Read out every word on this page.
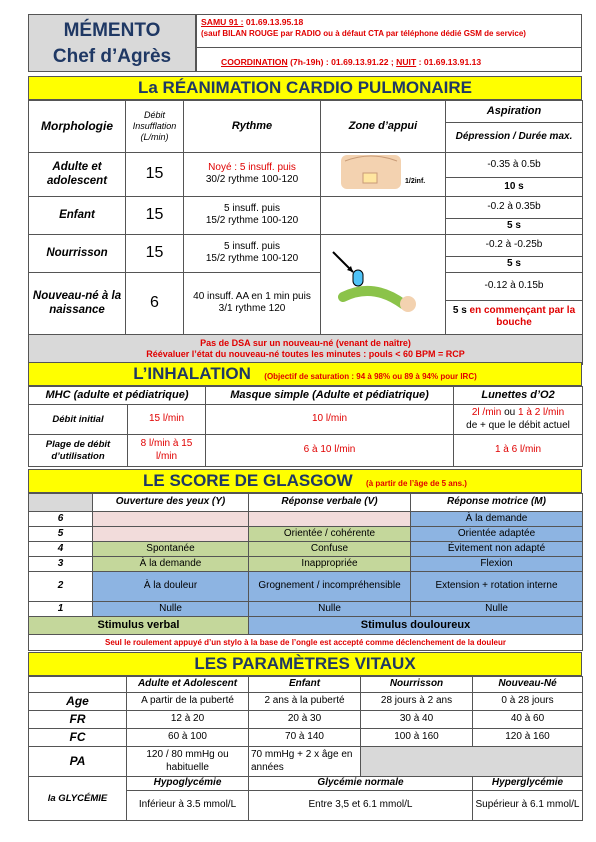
MÉMENTO
Chef d’Agrès
SAMU 91 : 01.69.13.95.18
(sauf BILAN ROUGE par RADIO ou à défaut CTA par téléphone dédié GSM de service)
COORDINATION (7h-19h) : 01.69.13.91.22 ; NUIT : 01.69.13.91.13
La RÉANIMATION CARDIO PULMONAIRE
Morphologie	Débit Insufflation (L/min)	Rythme	Zone d’appui	Aspiration
				Dépression / Durée max.
Adulte et adolescent	15	Noyé : 5 insuff. puis
30/2 rythme 100-120	1/2inf.	-0.35 à 0.5b
				10 s
Enfant	15	5 insuff. puis
15/2 rythme 100-120		-0.2 à 0.35b
				5 s
Nourrisson	15	5 insuff. puis
15/2 rythme 100-120		-0.2 à -0.25b
				5 s
Nouveau-né à la naissance	6	40 insuff. AA en 1 min puis
3/1 rythme 120		-0.12 à 0.15b
				5 s en commençant par la bouche

Pas de DSA sur un nouveau-né (venant de naître)
Réévaluer l’état du nouveau-né toutes les minutes : pouls < 60 BPM = RCP				
L’INHALATION (Objectif de saturation : 94 à 98% ou 89 à 94% pour IRC)
MHC (adulte et pédiatrique)		Masque simple (Adulte et pédiatrique)	Lunettes d’O2
Débit initial	15 l/min	10 l/min	2l /min ou 1 à 2 l/min
de + que le débit actuel
Plage de débit d’utilisation	8 l/min à 15 l/min	6 à 10 l/min	1 à 6 l/min
LE SCORE DE GLASGOW (à partir de l’âge de 5 ans.)
	Ouverture des yeux (Y)	Réponse verbale (V)	Réponse motrice (M)
6			À la demande
5		Orientée / cohérente	Orientée adaptée
4	Spontanée	Confuse	Évitement non adapté
3	À la demande	Inappropriée	Flexion
2	À la douleur	Grognement / incompréhensible	Extension + rotation interne
1	Nulle	Nulle	Nulle
Stimulus verbal		Stimulus douloureux	
Seul le roulement appuyé d’un stylo à la base de l’ongle est accepté comme déclenchement de la douleur			
LES PARAMÈTRES VITAUX
	Adulte et Adolescent	Enfant	Nourrisson	Nouveau-Né
Age	A partir de la puberté	2 ans à la puberté	28 jours à 2 ans	0 à 28 jours
FR	12 à 20	20 à 30	30 à 40	40 à 60
FC	60 à 100	70 à 140	100 à 160	120 à 160
PA	120 / 80 mmHg ou habituelle	70 mmHg + 2 x âge en années		
la GLYCÉMIE	Hypoglycémie	Glycémie normale		Hyperglycémie
	Inférieur à 3.5 mmol/L	Entre 3,5 et 6.1 mmol/L		Supérieur à 6.1 mmol/L
